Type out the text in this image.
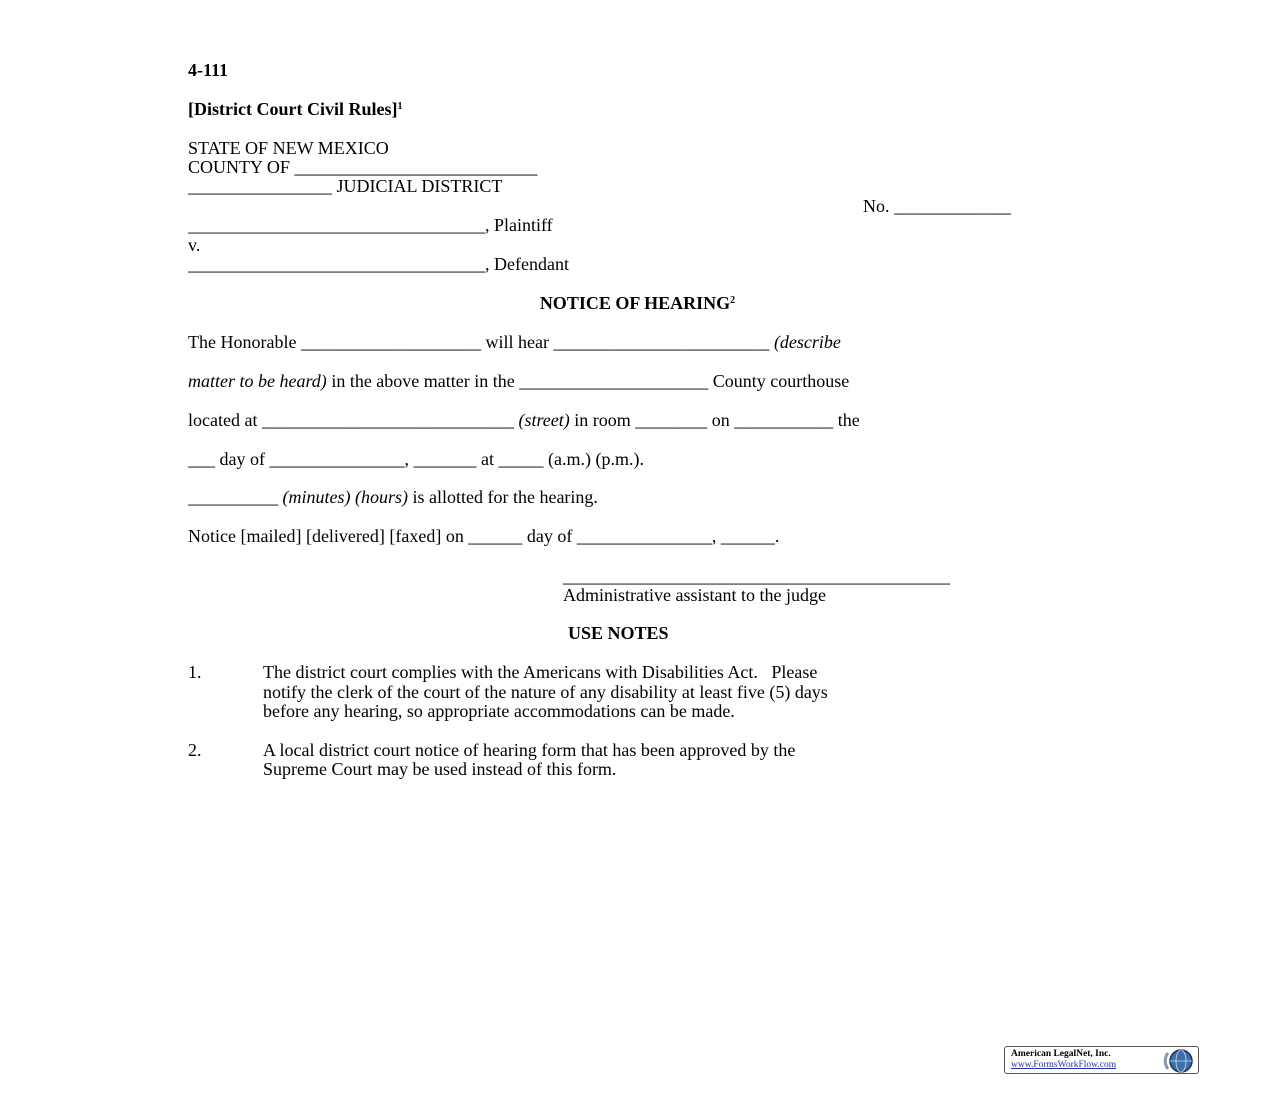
4-111
[District Court Civil Rules]$^1$
STATE OF NEW MEXICO
COUNTY OF ___________________________
________________ JUDICIAL DISTRICT
No. _____________
_________________________________, Plaintiff
v.
_________________________________, Defendant
NOTICE OF HEARING$^2$
The Honorable ____________________ will hear ________________________ (describe
matter to be heard) in the above matter in the _____________________ County courthouse
located at ____________________________ (street) in room ________ on ___________ the
___ day of _______________, _______ at _____ (a.m.) (p.m.).
__________ (minutes) (hours) is allotted for the hearing.
Notice [mailed] [delivered] [faxed] on ______ day of _______________, ______.
___________________________________________
Administrative assistant to the judge
USE NOTES
1.	The district court complies with the Americans with Disabilities Act.   Please
notify the clerk of the court of the nature of any disability at least five (5) days
before any hearing, so appropriate accommodations can be made.
2.	A local district court notice of hearing form that has been approved by the
Supreme Court may be used instead of this form.
American LegalNet, Inc.
www.FormsWorkFlow.com
